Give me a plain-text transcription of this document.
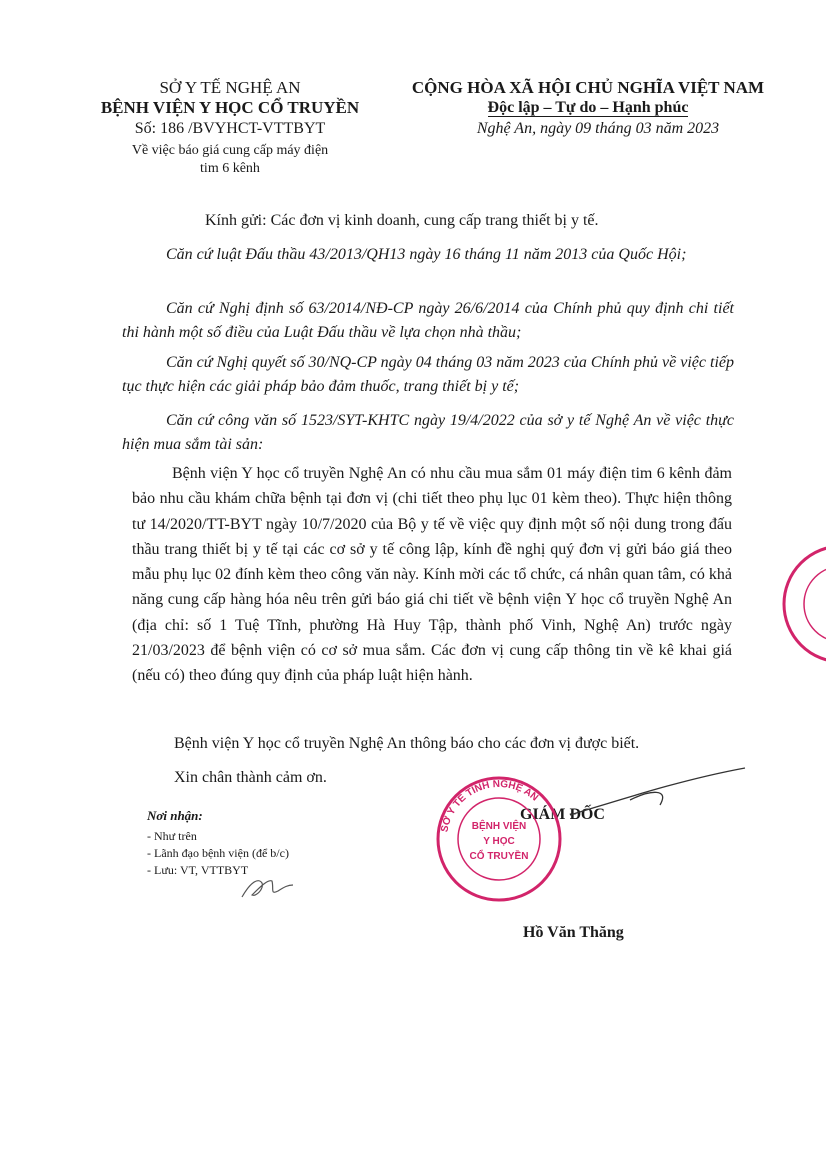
SỞ Y TẾ NGHỆ AN
BỆNH VIỆN Y HỌC CỔ TRUYỀN
Số: 186 /BVYHCT-VTTBYT
Về việc báo giá cung cấp máy điện tim 6 kênh
CỘNG HÒA XÃ HỘI CHỦ NGHĨA VIỆT NAM
Độc lập – Tự do – Hạnh phúc
Nghệ An, ngày 09 tháng 03 năm 2023
Kính gửi: Các đơn vị kinh doanh, cung cấp trang thiết bị y tế.

Căn cứ luật Đấu thầu 43/2013/QH13 ngày 16 tháng 11 năm 2013 của Quốc Hội;

Căn cứ Nghị định số 63/2014/NĐ-CP ngày 26/6/2014 của Chính phủ quy định chi tiết thi hành một số điều của Luật Đấu thầu về lựa chọn nhà thầu;

Căn cứ Nghị quyết số 30/NQ-CP ngày 04 tháng 03 năm 2023 của Chính phủ về việc tiếp tục thực hiện các giải pháp bảo đảm thuốc, trang thiết bị y tế;

Căn cứ công văn số 1523/SYT-KHTC ngày 19/4/2022 của sở y tế Nghệ An về việc thực hiện mua sắm tài sản:

Bệnh viện Y học cổ truyền Nghệ An có nhu cầu mua sắm 01 máy điện tim 6 kênh đảm bảo nhu cầu khám chữa bệnh tại đơn vị (chi tiết theo phụ lục 01 kèm theo). Thực hiện thông tư 14/2020/TT-BYT ngày 10/7/2020 của Bộ y tế về việc quy định một số nội dung trong đấu thầu trang thiết bị y tế tại các cơ sở y tế công lập, kính đề nghị quý đơn vị gửi báo giá theo mẫu phụ lục 02 đính kèm theo công văn này. Kính mời các tổ chức, cá nhân quan tâm, có khả năng cung cấp hàng hóa nêu trên gửi báo giá chi tiết về bệnh viện Y học cổ truyền Nghệ An (địa chỉ: số 1 Tuệ Tĩnh, phường Hà Huy Tập, thành phố Vinh, Nghệ An) trước ngày 21/03/2023 để bệnh viện có cơ sở mua sắm. Các đơn vị cung cấp thông tin về kê khai giá (nếu có) theo đúng quy định của pháp luật hiện hành.

Bệnh viện Y học cổ truyền Nghệ An thông báo cho các đơn vị được biết.
Xin chân thành cảm ơn.
Nơi nhận:
- Như trên
- Lãnh đạo bệnh viện (để b/c)
- Lưu: VT, VTTBYT
GIÁM ĐỐC
SỞ Y TẾ TỈNH NGHỆ AN
BỆNH VIỆN
Y HỌC
CỔ TRUYỀN
Hồ Văn Thăng
